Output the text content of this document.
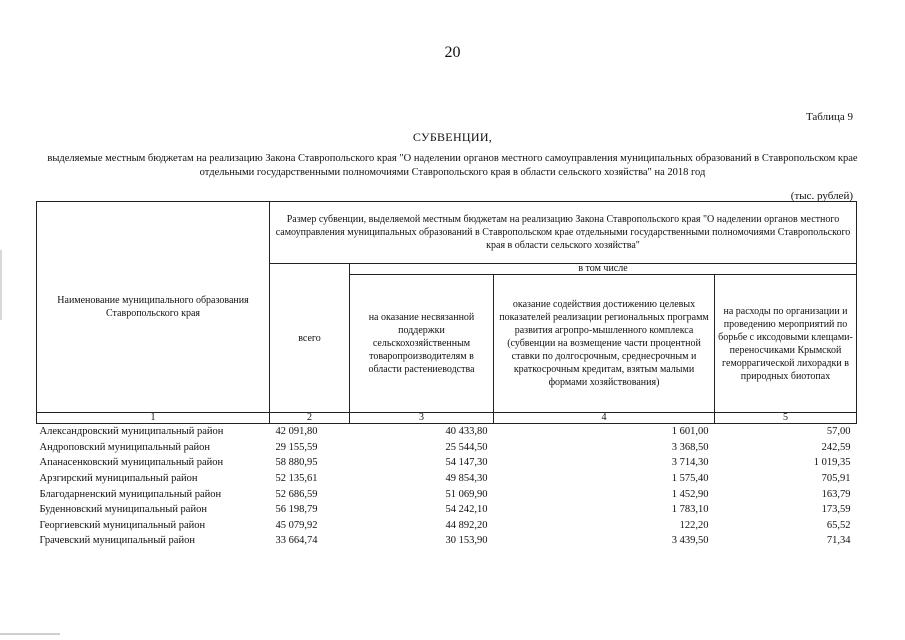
20
Таблица 9
СУБВЕНЦИИ,
выделяемые местным бюджетам на реализацию Закона Ставропольского края "О наделении органов местного самоуправления муниципальных образований в Ставропольском крае отдельными государственными полномочиями Ставропольского края в области сельского хозяйства" на 2018 год
(тыс. рублей)
Наименование муниципального образования Ставропольского края	Размер субвенции, выделяемой местным бюджетам на реализацию Закона Ставропольского края "О наделении органов местного самоуправления муниципальных образований в Ставропольском крае отдельными государственными полномочиями Ставропольского края в области сельского хозяйства"			
	всего	в том числе		
		на оказание несвязанной поддержки сельскохозяйственным товаропроизводителям в области растениеводства	оказание содействия достижению целевых показателей реализации региональных программ развития агропро-мышленного комплекса (субвенции на возмещение части процентной ставки по долгосрочным, среднесрочным и краткосрочным кредитам, взятым малыми формами хозяйствования)	на расходы по организации и проведению мероприятий по борьбе с иксодовыми клещами-переносчиками Крымской геморрагической лихорадки в природных биотопах
1	2	3	4	5
Александровский муниципальный район	42 091,80	40 433,80	1 601,00	57,00
Андроповский муниципальный район	29 155,59	25 544,50	3 368,50	242,59
Апанасенковский муниципальный район	58 880,95	54 147,30	3 714,30	1 019,35
Арзгирский муниципальный район	52 135,61	49 854,30	1 575,40	705,91
Благодарненский муниципальный район	52 686,59	51 069,90	1 452,90	163,79
Буденновский муниципальный район	56 198,79	54 242,10	1 783,10	173,59
Георгиевский муниципальный район	45 079,92	44 892,20	122,20	65,52
Грачевский муниципальный район	33 664,74	30 153,90	3 439,50	71,34
